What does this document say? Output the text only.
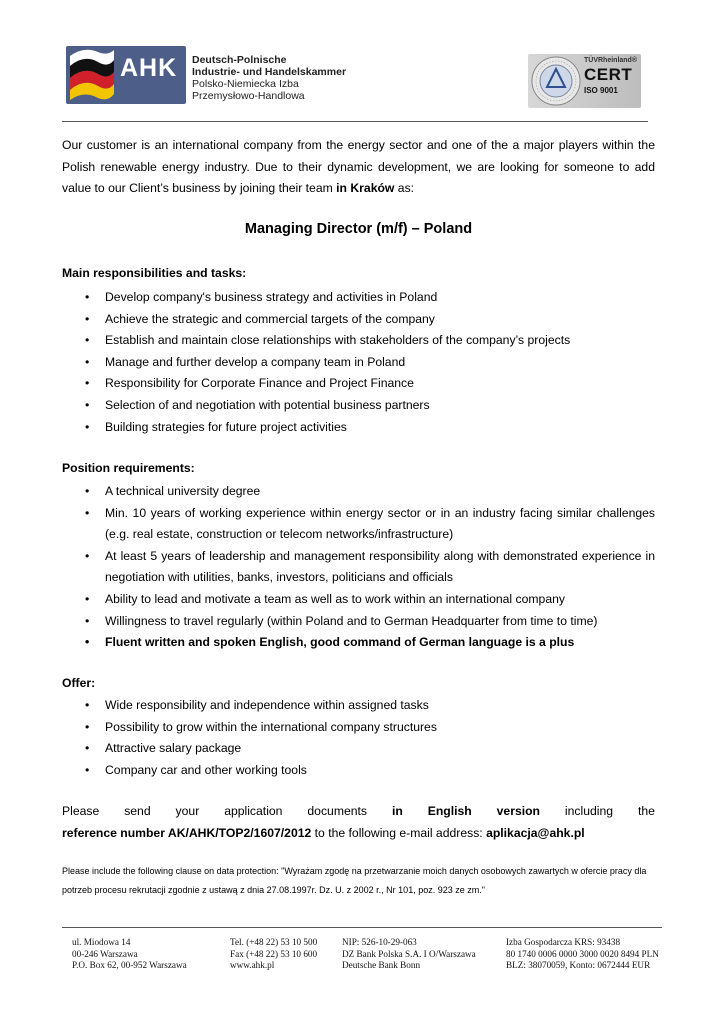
AHK Deutsch-Polnische
Industrie- und Handelskammer
Polsko-Niemiecka Izba
Przemysłowo-Handlowa
TÜVRheinland®
CERT
ISO 9001
Our customer is an international company from the energy sector and one of the a major players within the Polish renewable energy industry. Due to their dynamic development, we are looking for someone to add value to our Client’s business by joining their team in Kraków as:
Managing Director (m/f) – Poland
Main responsibilities and tasks:
• Develop company's business strategy and activities in Poland
• Achieve the strategic and commercial targets of the company
• Establish and maintain close relationships with stakeholders of the company’s projects
• Manage and further develop a company team in Poland
• Responsibility for Corporate Finance and Project Finance
• Selection of and negotiation with potential business partners
• Building strategies for future project activities
Position requirements:
• A technical university degree
• Min. 10 years of working experience within energy sector or in an industry facing similar challenges (e.g. real estate, construction or telecom networks/infrastructure)
• At least 5 years of leadership and management responsibility along with demonstrated experience in negotiation with utilities, banks, investors, politicians and officials
• Ability to lead and motivate a team as well as to work within an international company
• Willingness to travel regularly (within Poland and to German Headquarter from time to time)
• Fluent written and spoken English, good command of German language is a plus
Offer:
• Wide responsibility and independence within assigned tasks
• Possibility to grow within the international company structures
• Attractive salary package
• Company car and other working tools
Please send your application documents in English version including the
reference number AK/AHK/TOP2/1607/2012 to the following e-mail address: aplikacja@ahk.pl
Please include the following clause on data protection: "Wyrażam zgodę na przetwarzanie moich danych osobowych zawartych w ofercie pracy dla potrzeb procesu rekrutacji zgodnie z ustawą z dnia 27.08.1997r. Dz. U. z 2002 r., Nr 101, poz. 923 ze zm."
ul. Miodowa 14
00-246 Warszawa
P.O. Box 62, 00-952 Warszawa
Tel. (+48 22) 53 10 500
Fax (+48 22) 53 10 600
www.ahk.pl
NIP: 526-10-29-063
DZ Bank Polska S.A. I O/Warszawa
Deutsche Bank Bonn
Izba Gospodarcza KRS: 93438
80 1740 0006 0000 3000 0020 8494 PLN
BLZ: 38070059, Konto: 0672444 EUR
